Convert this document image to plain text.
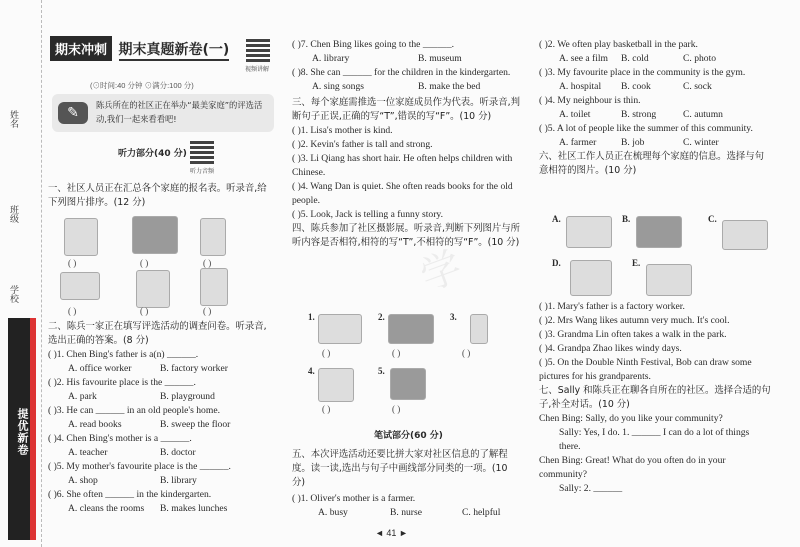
姓名
班级
学校
提优新卷
期末冲刺 期末真题新卷(一)
视频讲解
(⊙时间:40 分钟 ⊙满分:100 分)
✎	陈兵所在的社区正在举办“最美家庭”的评选活动,我们一起来看看吧!
听力部分(40 分)
听力音频
一、社区人员正在汇总各个家庭的报名表。听录音,给下列图片排序。(12 分)
( )	( )	( )
( )	( )	( )
二、陈兵一家正在填写评选活动的调查问卷。听录音,选出正确的答案。(8 分)
( )1. Chen Bing's father is a(n) ______.
A. office worker	B. factory worker
( )2. His favourite place is the ______.
A. park	B. playground
( )3. He can ______ in an old people's home.
A. read books	B. sweep the floor
( )4. Chen Bing's mother is a ______.
A. teacher	B. doctor
( )5. My mother's favourite place is the ______.
A. shop	B. library
( )6. She often ______ in the kindergarten.
A. cleans the rooms B. makes lunches
( )7. Chen Bing likes going to the ______.
A. library	B. museum
( )8. She can ______ for the children in the kindergarten.
A. sing songs	B. make the bed
三、每个家庭需推选一位家庭成员作为代表。听录音,判断句子正误,正确的写“T”,错误的写“F”。(10 分)
( )1. Lisa's mother is kind.
( )2. Kevin's father is tall and strong.
( )3. Li Qiang has short hair. He often helps children with Chinese.
( )4. Wang Dan is quiet. She often reads books for the old people.
( )5. Look, Jack is telling a funny story.
四、陈兵参加了社区摄影展。听录音,判断下列图片与所听内容是否相符,相符的写“T”,不相符的写“F”。(10 分)
学
1.
( )
2.
( )
3.
( )
4.
( )
5.
( )
笔试部分(60 分)
五、本次评选活动还要比拼大家对社区信息的了解程度。读一读,选出与句子中画线部分同类的一项。(10 分)
( )1. Oliver's mother is a farmer.
A. busy	B. nurse	C. helpful
( )2. We often play basketball in the park.
A. see a film B. cold	C. photo
( )3. My favourite place in the community is the gym.
A. hospital B. cook	C. sock
( )4. My neighbour is thin.
A. toilet	B. strong	C. autumn
( )5. A lot of people like the summer of this community.
A. farmer	B. job	C. winter
六、社区工作人员正在梳理每个家庭的信息。选择与句意相符的图片。(10 分)
A.	B.	C.
D.	E.
( )1. Mary's father is a factory worker.
( )2. Mrs Wang likes autumn very much. It's cool.
( )3. Grandma Lin often takes a walk in the park.
( )4. Grandpa Zhao likes windy days.
( )5. On the Double Ninth Festival, Bob can draw some pictures for his grandparents.
七、Sally 和陈兵正在聊各自所在的社区。选择合适的句子,补全对话。(10 分)
Chen Bing: Sally, do you like your community?
Sally: Yes, I do. 1. ______ I can do a lot of things there.
Chen Bing: Great! What do you often do in your community?
Sally: 2. ______
◄ 41 ►
